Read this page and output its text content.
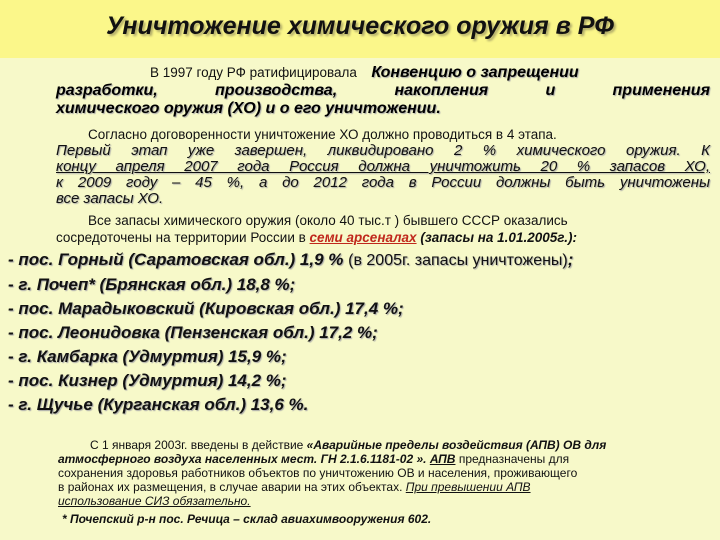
Уничтожение химического оружия в РФ
В 1997 году РФ ратифицировала Конвенцию о запрещении
разработки, производства, накопления и применения
химического оружия (ХО) и о его уничтожении.
Согласно договоренности уничтожение ХО должно проводиться в 4 этапа.
Первый этап уже завершен, ликвидировано 2 % химического оружия. К
концу апреля 2007 года Россия должна уничтожить 20 % запасов ХО,
к 2009 году – 45 %, а до 2012 года в России должны быть уничтожены
все запасы ХО.
Все запасы химического оружия (около 40 тыс.т ) бывшего СССР оказались
сосредоточены на территории России в семи арсеналах (запасы на 1.01.2005г.):
- пос. Горный (Саратовская обл.) 1,9 % (в 2005г. запасы уничтожены);
- г. Почеп* (Брянская обл.) 18,8 %;
- пос. Марадыковский (Кировская обл.) 17,4 %;
- пос. Леонидовка (Пензенская обл.) 17,2 %;
- г. Камбарка (Удмуртия) 15,9 %;
- пос. Кизнер (Удмуртия) 14,2 %;
- г. Щучье (Курганская обл.) 13,6 %.
С 1 января 2003г. введены в действие «Аварийные пределы воздействия (АПВ) ОВ для
атмосферного воздуха населенных мест. ГН 2.1.6.1181-02 ». АПВ предназначены для
сохранения здоровья работников объектов по уничтожению ОВ и населения, проживающего
в районах их размещения, в случае аварии на этих объектах. При превышении АПВ
использование СИЗ обязательно.
* Почепский р-н пос. Речица – склад авиахимвооружения 602.
